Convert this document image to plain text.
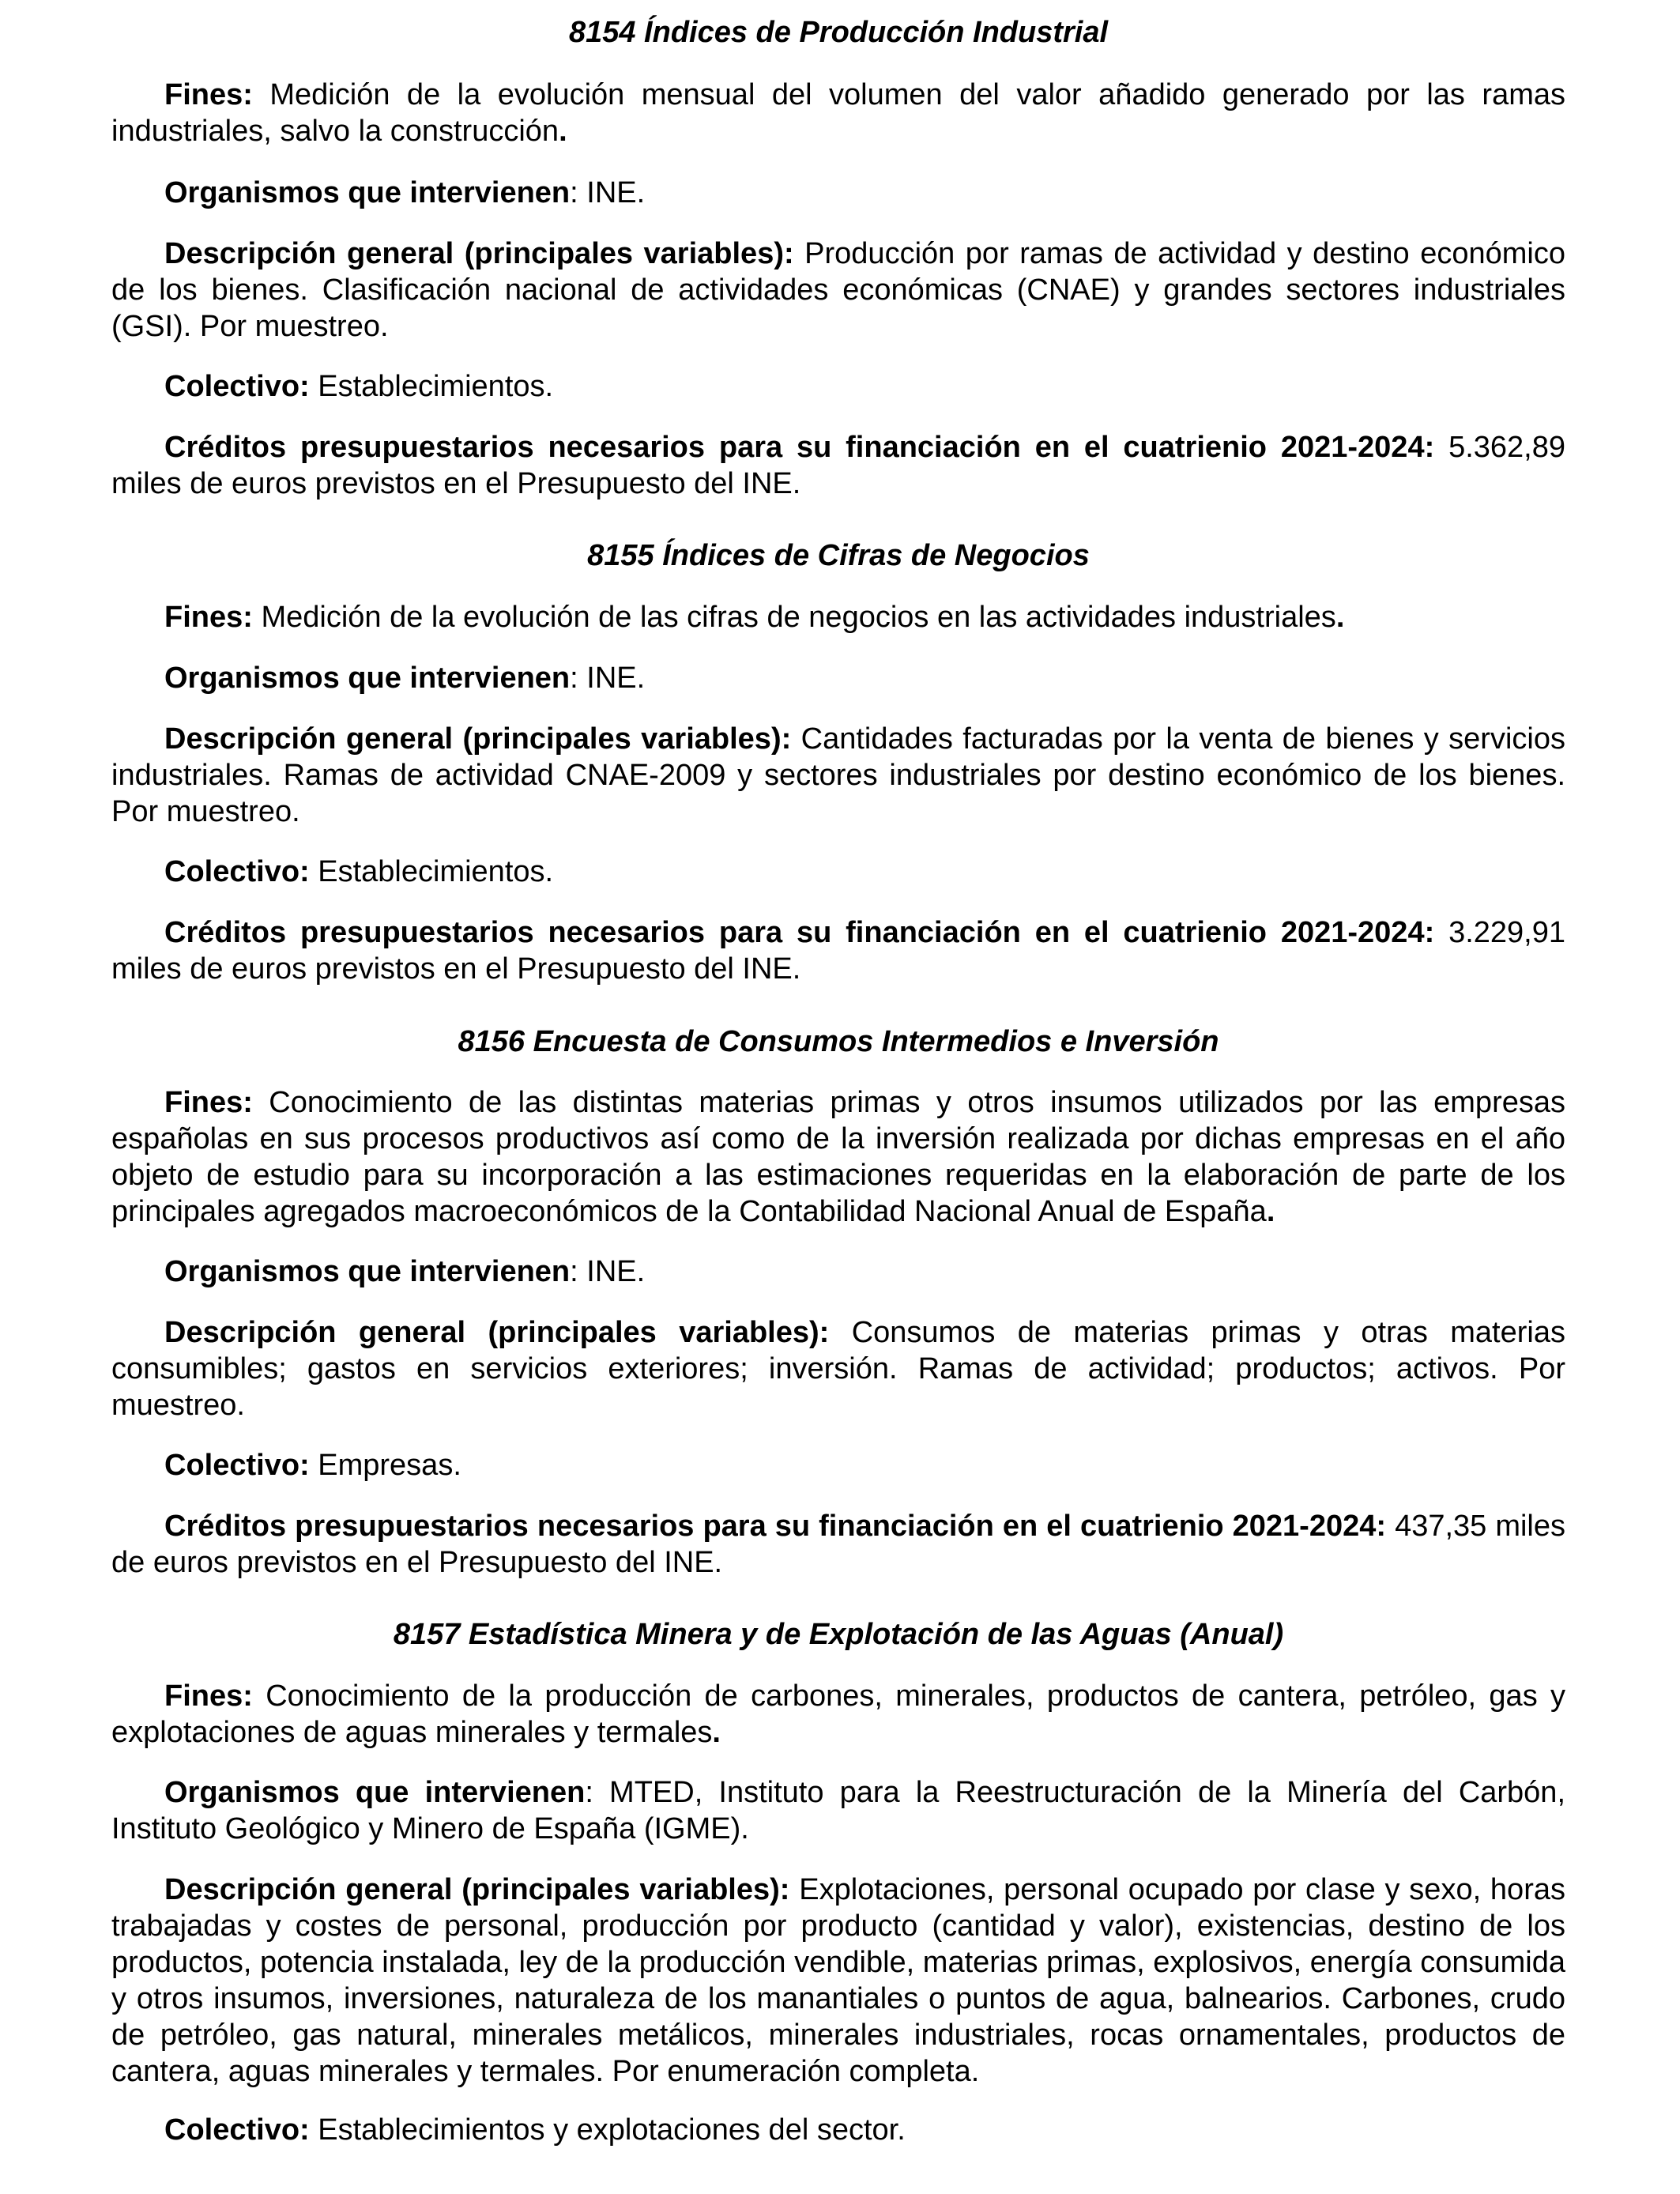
8154 Índices de Producción Industrial

Fines: Medición de la evolución mensual del volumen del valor añadido generado por las ramas industriales, salvo la construcción.

Organismos que intervienen: INE.

Descripción general (principales variables): Producción por ramas de actividad y destino económico de los bienes. Clasificación nacional de actividades económicas (CNAE) y grandes sectores industriales (GSI). Por muestreo.

Colectivo: Establecimientos.

Créditos presupuestarios necesarios para su financiación en el cuatrienio 2021-2024: 5.362,89 miles de euros previstos en el Presupuesto del INE.

8155 Índices de Cifras de Negocios

Fines: Medición de la evolución de las cifras de negocios en las actividades industriales.

Organismos que intervienen: INE.

Descripción general (principales variables): Cantidades facturadas por la venta de bienes y servicios industriales. Ramas de actividad CNAE-2009 y sectores industriales por destino económico de los bienes. Por muestreo.

Colectivo: Establecimientos.

Créditos presupuestarios necesarios para su financiación en el cuatrienio 2021-2024: 3.229,91 miles de euros previstos en el Presupuesto del INE.

8156 Encuesta de Consumos Intermedios e Inversión

Fines: Conocimiento de las distintas materias primas y otros insumos utilizados por las empresas españolas en sus procesos productivos así como de la inversión realizada por dichas empresas en el año objeto de estudio para su incorporación a las estimaciones requeridas en la elaboración de parte de los principales agregados macroeconómicos de la Contabilidad Nacional Anual de España.

Organismos que intervienen: INE.

Descripción general (principales variables): Consumos de materias primas y otras materias consumibles; gastos en servicios exteriores; inversión. Ramas de actividad; productos; activos. Por muestreo.

Colectivo: Empresas.

Créditos presupuestarios necesarios para su financiación en el cuatrienio 2021-2024: 437,35 miles de euros previstos en el Presupuesto del INE.

8157 Estadística Minera y de Explotación de las Aguas (Anual)

Fines: Conocimiento de la producción de carbones, minerales, productos de cantera, petróleo, gas y explotaciones de aguas minerales y termales.

Organismos que intervienen: MTED, Instituto para la Reestructuración de la Minería del Carbón, Instituto Geológico y Minero de España (IGME).

Descripción general (principales variables): Explotaciones, personal ocupado por clase y sexo, horas trabajadas y costes de personal, producción por producto (cantidad y valor), existencias, destino de los productos, potencia instalada, ley de la producción vendible, materias primas, explosivos, energía consumida y otros insumos, inversiones, naturaleza de los manantiales o puntos de agua, balnearios. Carbones, crudo de petróleo, gas natural, minerales metálicos, minerales industriales, rocas ornamentales, productos de cantera, aguas minerales y termales. Por enumeración completa.

Colectivo: Establecimientos y explotaciones del sector.
